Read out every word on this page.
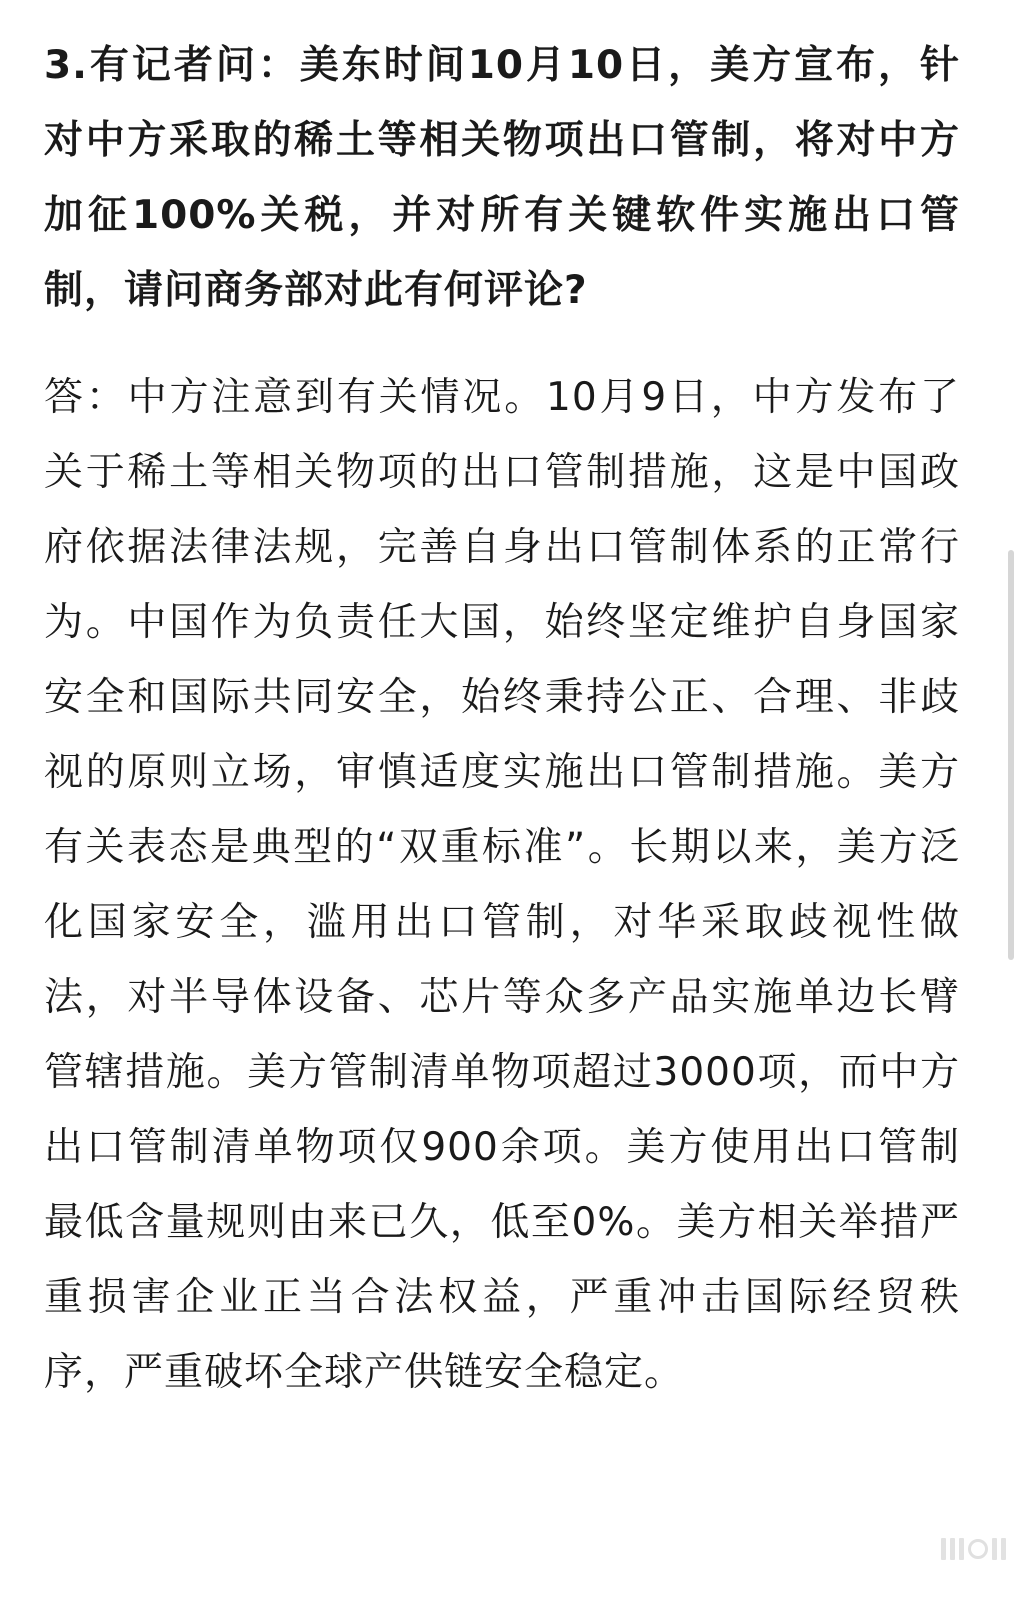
3.有记者问：美东时间10月10日，美方宣布，针对中方采取的稀土等相关物项出口管制，将对中方加征100%关税，并对所有关键软件实施出口管制，请问商务部对此有何评论?

答：中方注意到有关情况。10月9日，中方发布了关于稀土等相关物项的出口管制措施，这是中国政府依据法律法规，完善自身出口管制体系的正常行为。中国作为负责任大国，始终坚定维护自身国家安全和国际共同安全，始终秉持公正、合理、非歧视的原则立场，审慎适度实施出口管制措施。美方有关表态是典型的“双重标准”。长期以来，美方泛化国家安全，滥用出口管制，对华采取歧视性做法，对半导体设备、芯片等众多产品实施单边长臂管辖措施。美方管制清单物项超过3000项，而中方出口管制清单物项仅900余项。美方使用出口管制最低含量规则由来已久，低至0%。美方相关举措严重损害企业正当合法权益，严重冲击国际经贸秩序，严重破坏全球产供链安全稳定。
